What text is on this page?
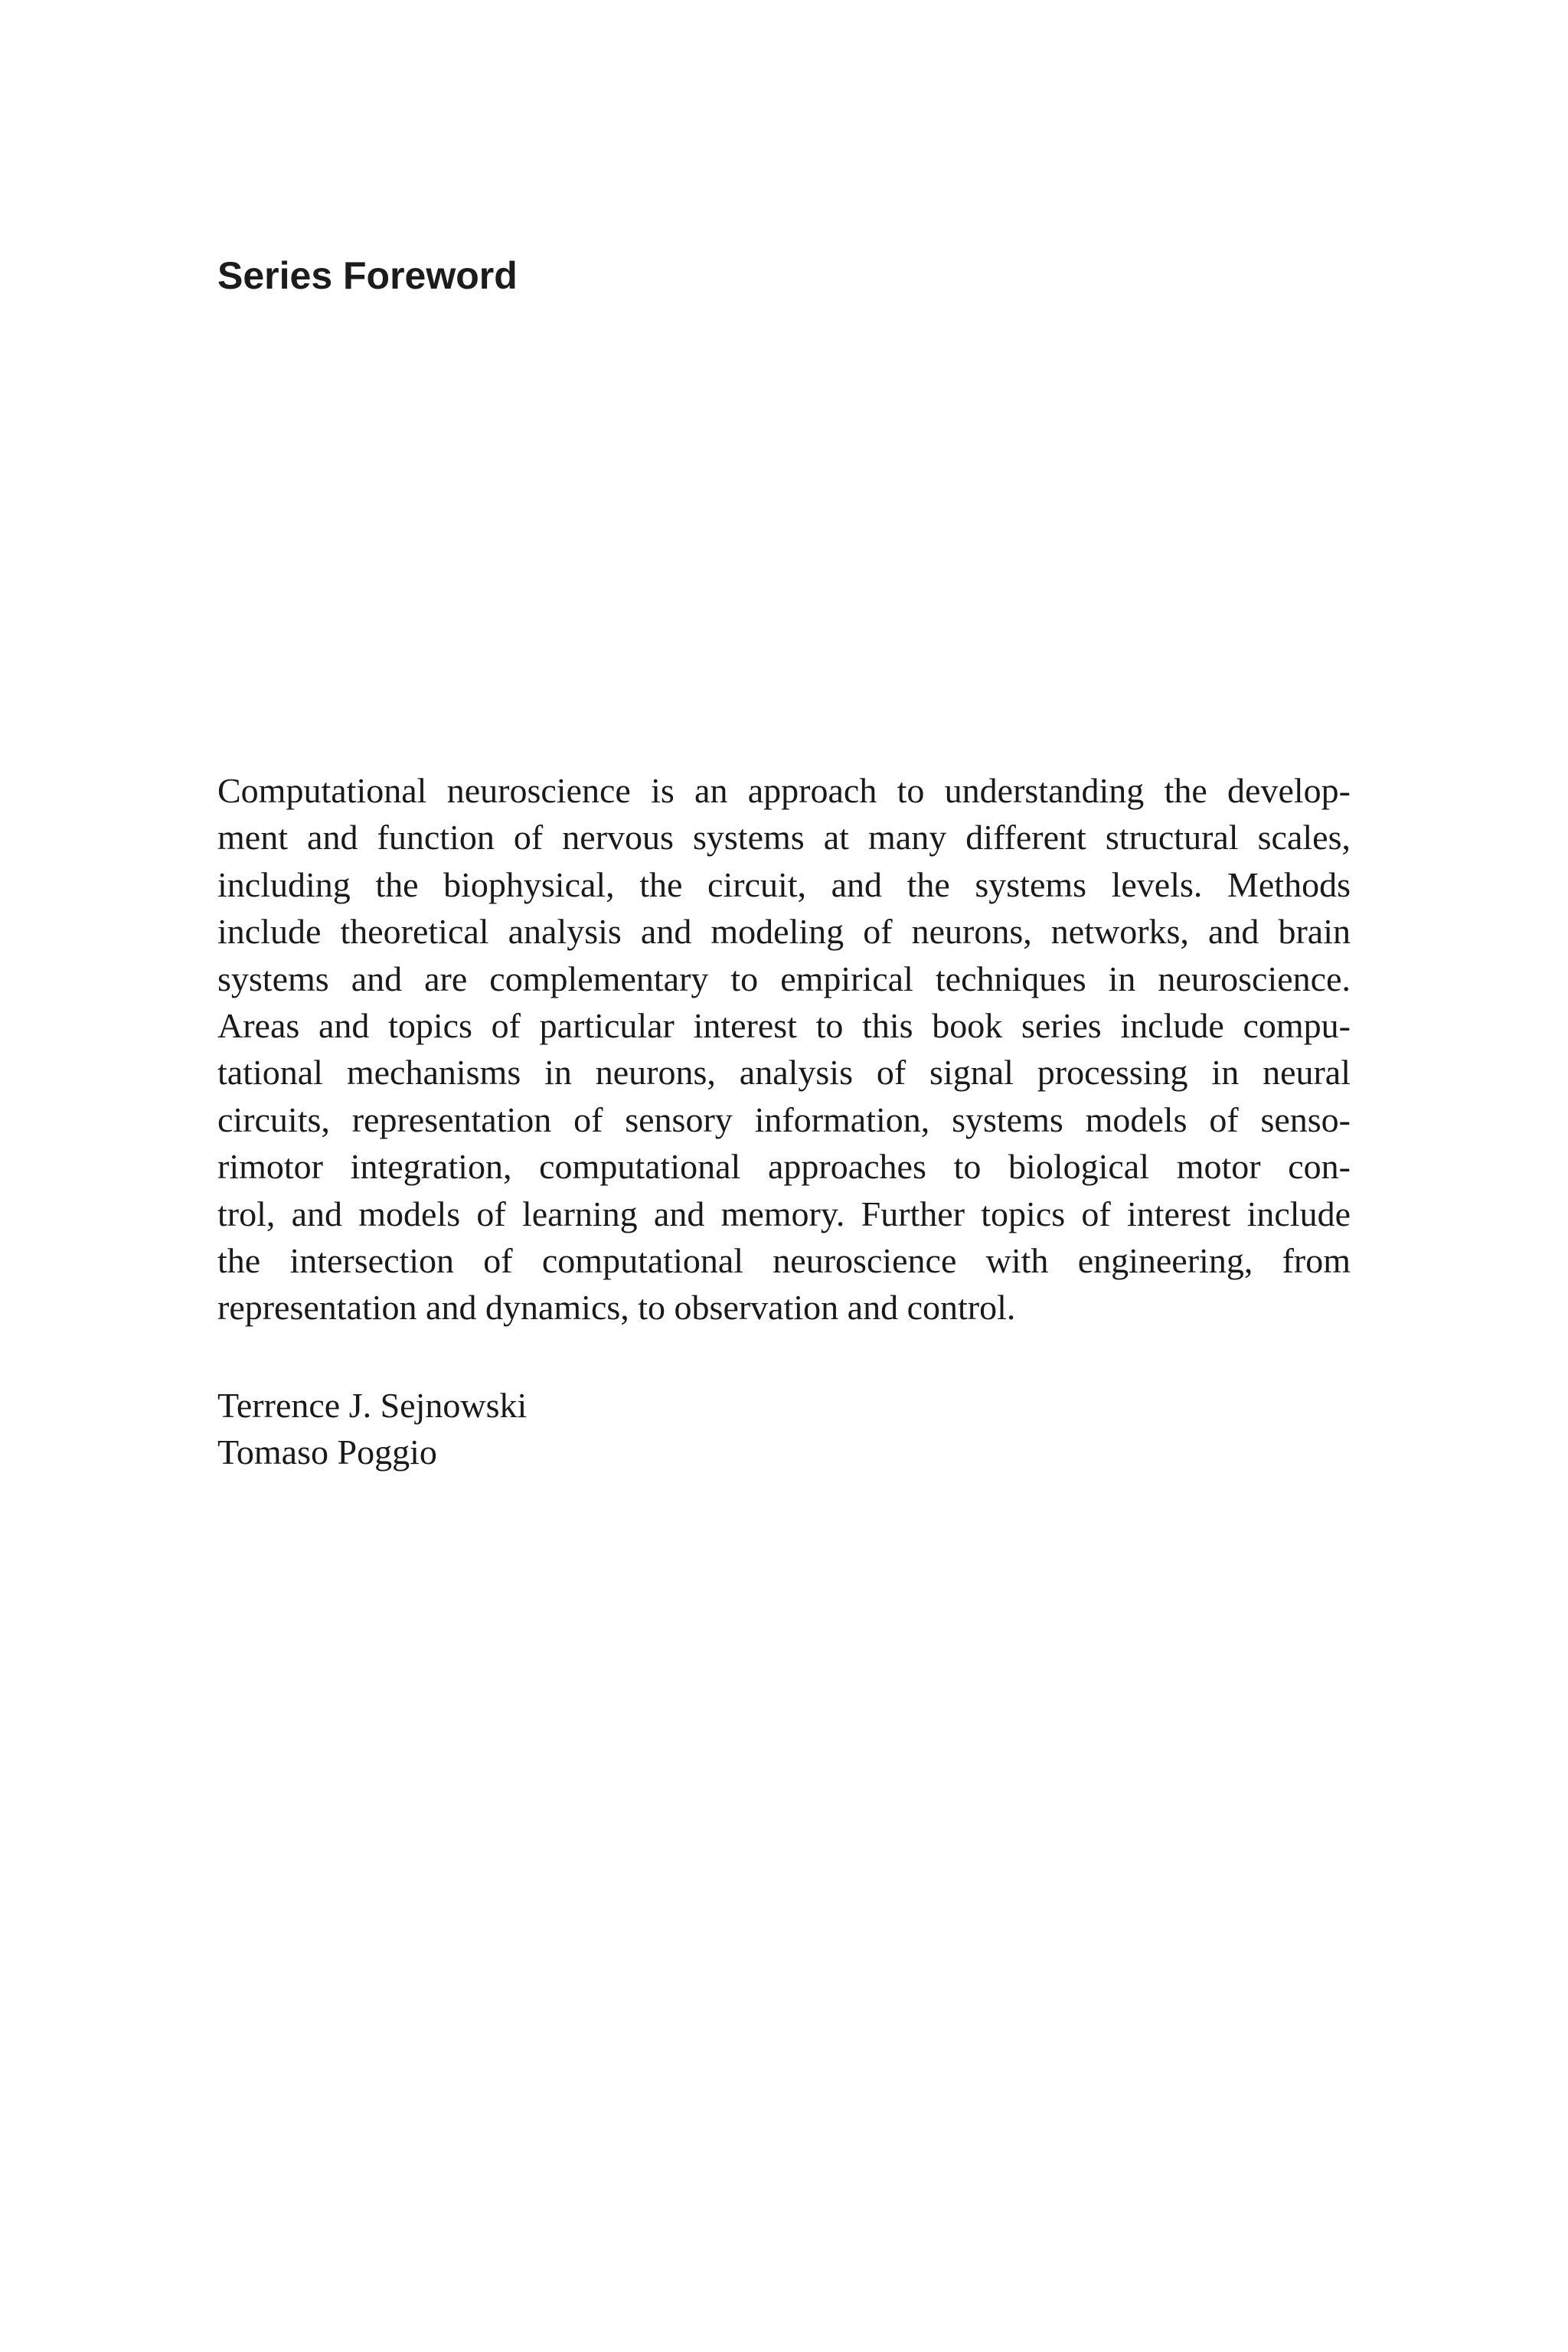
Series Foreword
Computational neuroscience is an approach to understanding the develop-
ment and function of nervous systems at many different structural scales,
including the biophysical, the circuit, and the systems levels. Methods
include theoretical analysis and modeling of neurons, networks, and brain
systems and are complementary to empirical techniques in neuroscience.
Areas and topics of particular interest to this book series include compu-
tational mechanisms in neurons, analysis of signal processing in neural
circuits, representation of sensory information, systems models of senso-
rimotor integration, computational approaches to biological motor con-
trol, and models of learning and memory. Further topics of interest include
the intersection of computational neuroscience with engineering, from
representation and dynamics, to observation and control.
Terrence J. Sejnowski
Tomaso Poggio
